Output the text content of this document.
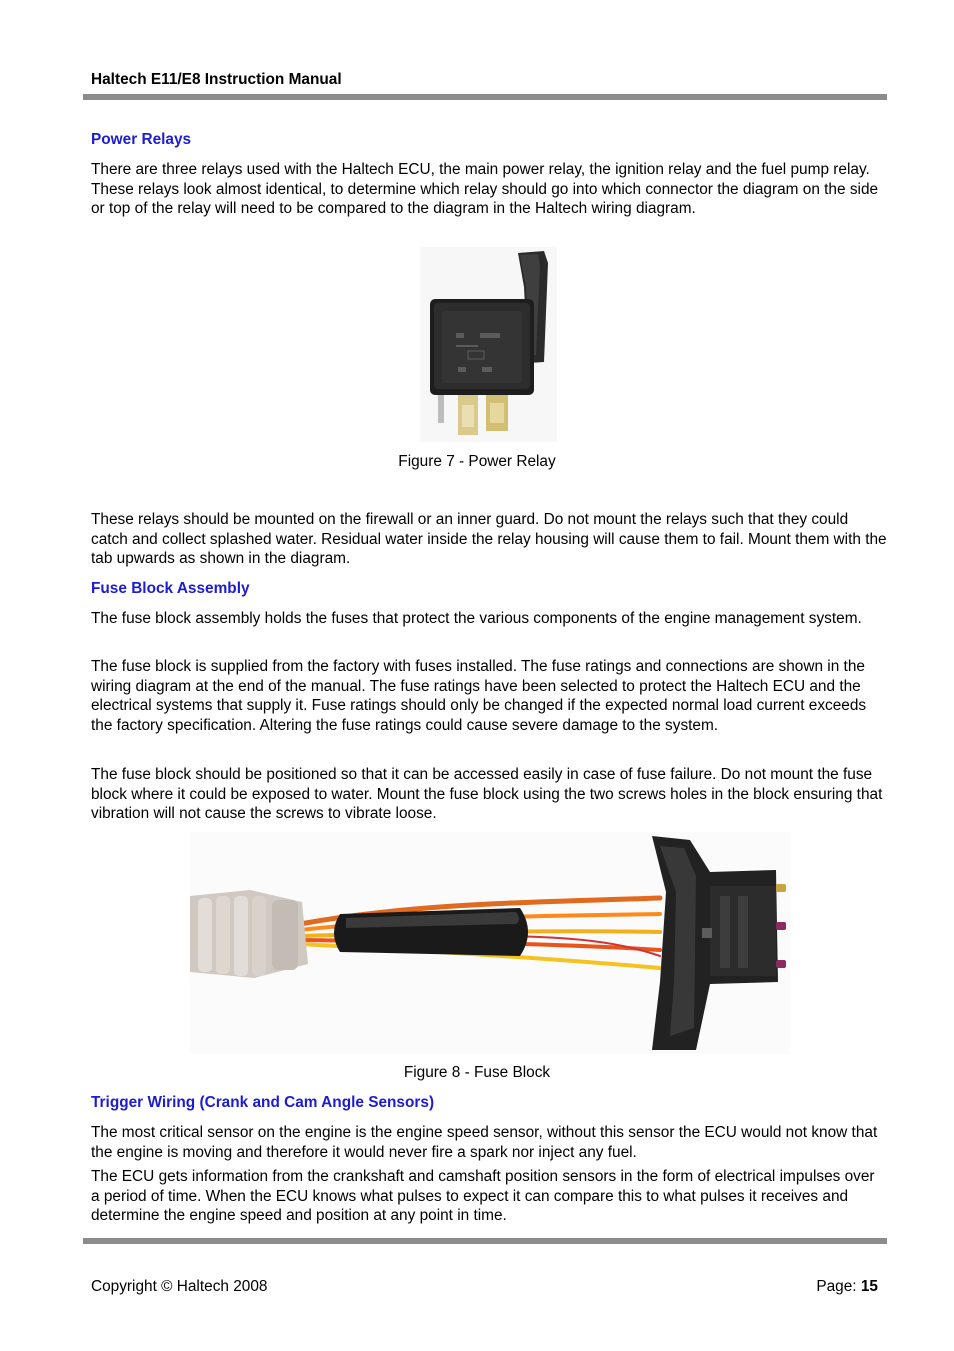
Haltech E11/E8 Instruction Manual
Power Relays

There are three relays used with the Haltech ECU, the main power relay, the ignition relay and the fuel pump relay. These relays look almost identical, to determine which relay should go into which connector the diagram on the side or top of the relay will need to be compared to the diagram in the Haltech wiring diagram.

Figure 7 - Power Relay

These relays should be mounted on the firewall or an inner guard. Do not mount the relays such that they could catch and collect splashed water. Residual water inside the relay housing will cause them to fail. Mount them with the tab upwards as shown in the diagram.

Fuse Block Assembly

The fuse block assembly holds the fuses that protect the various components of the engine management system.

The fuse block is supplied from the factory with fuses installed. The fuse ratings and connections are shown in the wiring diagram at the end of the manual. The fuse ratings have been selected to protect the Haltech ECU and the electrical systems that supply it. Fuse ratings should only be changed if the expected normal load current exceeds the factory specification. Altering the fuse ratings could cause severe damage to the system.

The fuse block should be positioned so that it can be accessed easily in case of fuse failure. Do not mount the fuse block where it could be exposed to water. Mount the fuse block using the two screws holes in the block ensuring that vibration will not cause the screws to vibrate loose.

Figure 8 - Fuse Block

Trigger Wiring (Crank and Cam Angle Sensors)

The most critical sensor on the engine is the engine speed sensor, without this sensor the ECU would not know that the engine is moving and therefore it would never fire a spark nor inject any fuel.

The ECU gets information from the crankshaft and camshaft position sensors in the form of electrical impulses over a period of time. When the ECU knows what pulses to expect it can compare this to what pulses it receives and determine the engine speed and position at any point in time.

Copyright © Haltech 2008	Page: 15
